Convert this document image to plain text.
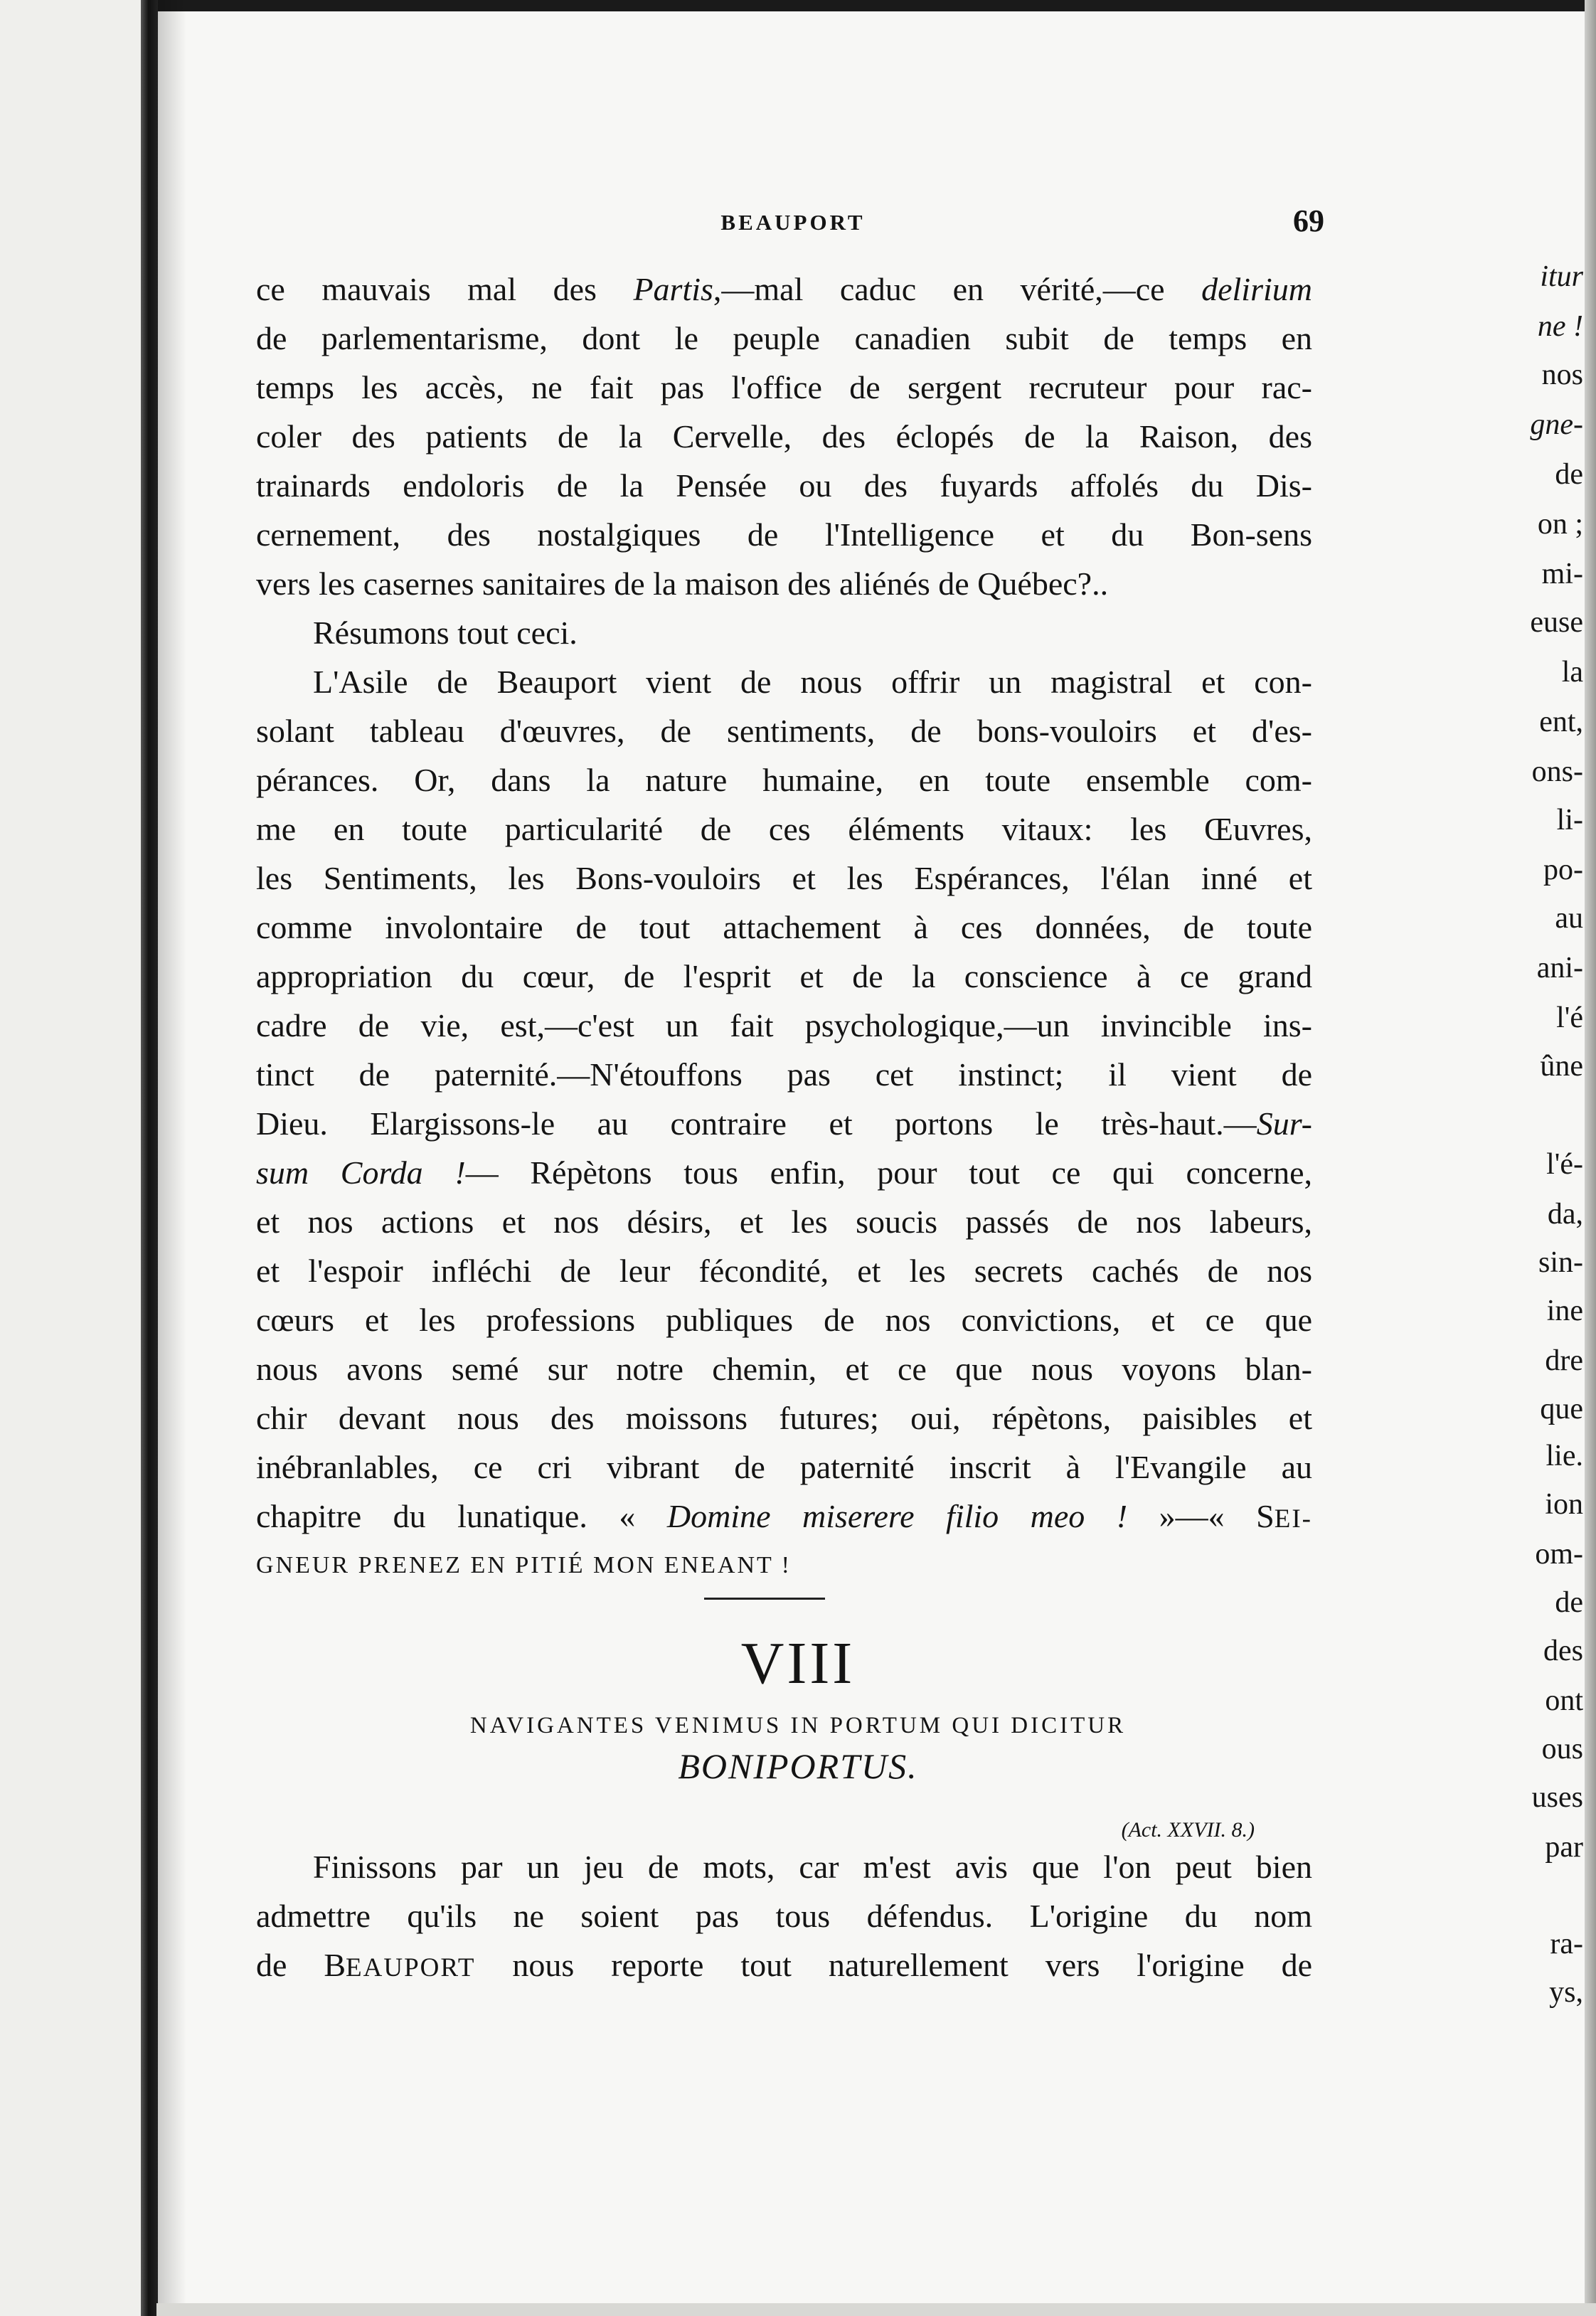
itur

ne !

nos

gne-

de

on ;

mi-

euse

la

ent,

ons-

li-

po-

au

ani-

l'é

ûne

l'é-

da,

sin-

ine

dre

que

lie.

ion

om-

de

des

ont

ous

uses

par

ra-

ys,

BEAUPORT	69
ce mauvais mal des Partis,—mal caduc en vérité,—ce delirium
de parlementarisme, dont le peuple canadien subit de temps en
temps les accès, ne fait pas l'office de sergent recruteur pour rac-
coler des patients de la Cervelle, des éclopés de la Raison, des
trainards endoloris de la Pensée ou des fuyards affolés du Dis-
cernement, des nostalgiques de l'Intelligence et du Bon-sens
vers les casernes sanitaires de la maison des aliénés de Québec?..
Résumons tout ceci.
L'Asile de Beauport vient de nous offrir un magistral et con-
solant tableau d'œuvres, de sentiments, de bons-vouloirs et d'es-
pérances. Or, dans la nature humaine, en toute ensemble com-
me en toute particularité de ces éléments vitaux: les Œuvres,
les Sentiments, les Bons-vouloirs et les Espérances, l'élan inné et
comme involontaire de tout attachement à ces données, de toute
appropriation du cœur, de l'esprit et de la conscience à ce grand
cadre de vie, est,—c'est un fait psychologique,—un invincible ins-
tinct de paternité.—N'étouffons pas cet instinct; il vient de
Dieu. Elargissons-le au contraire et portons le très-haut.—Sur-
sum Corda !— Répètons tous enfin, pour tout ce qui concerne,
et nos actions et nos désirs, et les soucis passés de nos labeurs,
et l'espoir infléchi de leur fécondité, et les secrets cachés de nos
cœurs et les professions publiques de nos convictions, et ce que
nous avons semé sur notre chemin, et ce que nous voyons blan-
chir devant nous des moissons futures; oui, répètons, paisibles et
inébranlables, ce cri vibrant de paternité inscrit à l'Evangile au
chapitre du lunatique. « Domine miserere filio meo ! »—« SEI-
GNEUR PRENEZ EN PITIÉ MON ENEANT !
VIII

NAVIGANTES VENIMUS IN PORTUM QUI DICITUR

BONIPORTUS.

(Act. XXVII. 8.)

Finissons par un jeu de mots, car m'est avis que l'on peut bien
admettre qu'ils ne soient pas tous défendus. L'origine du nom
de BEAUPORT nous reporte tout naturellement vers l'origine de
